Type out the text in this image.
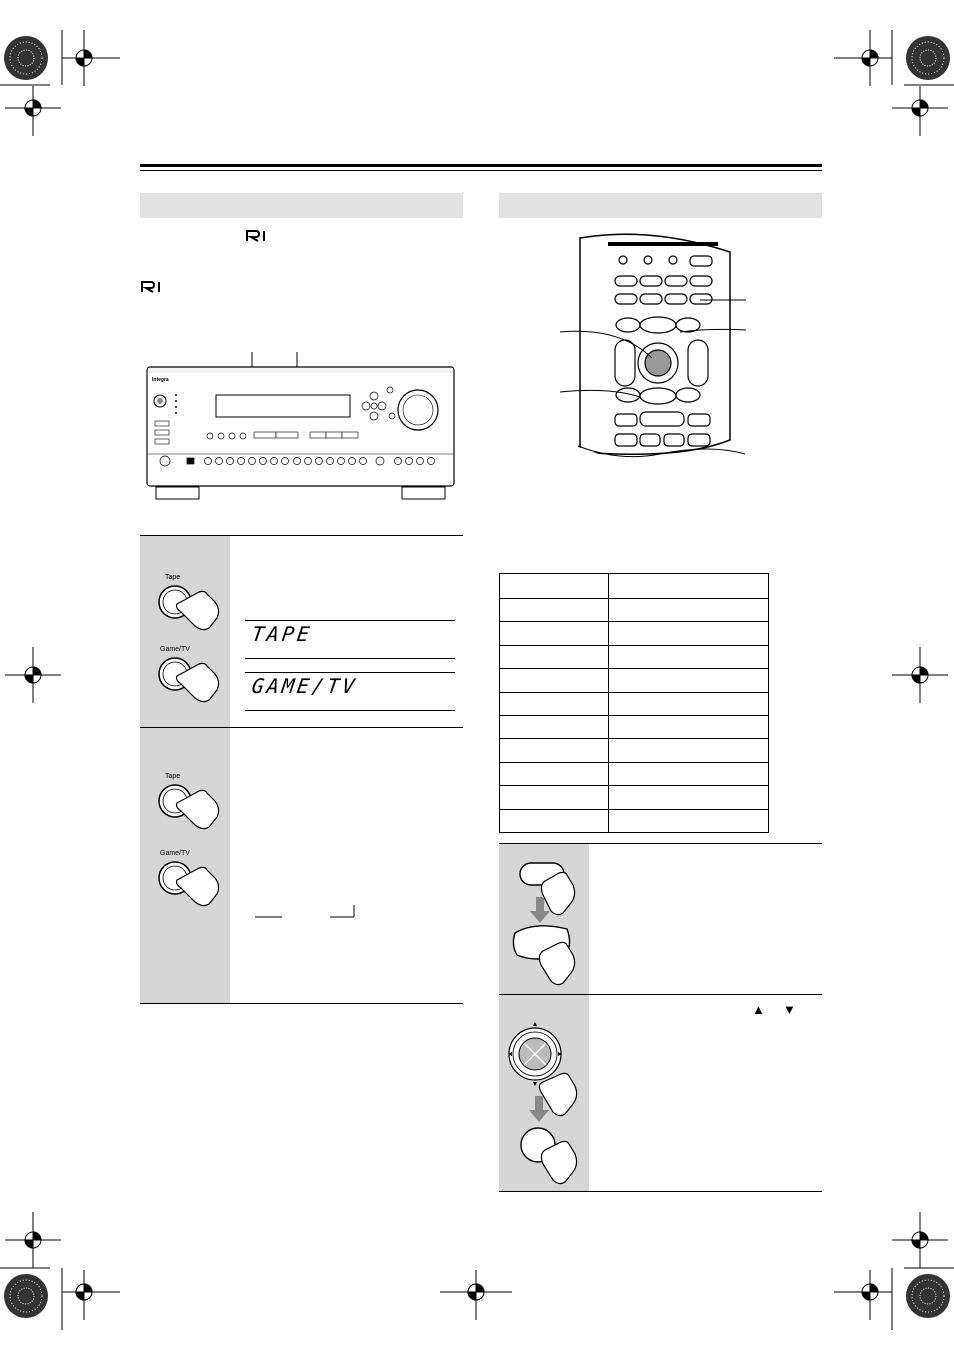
Integra
Tape
Game/TV
TAPE
GAME/TV
Tape
Game/TV

▲ ▼
